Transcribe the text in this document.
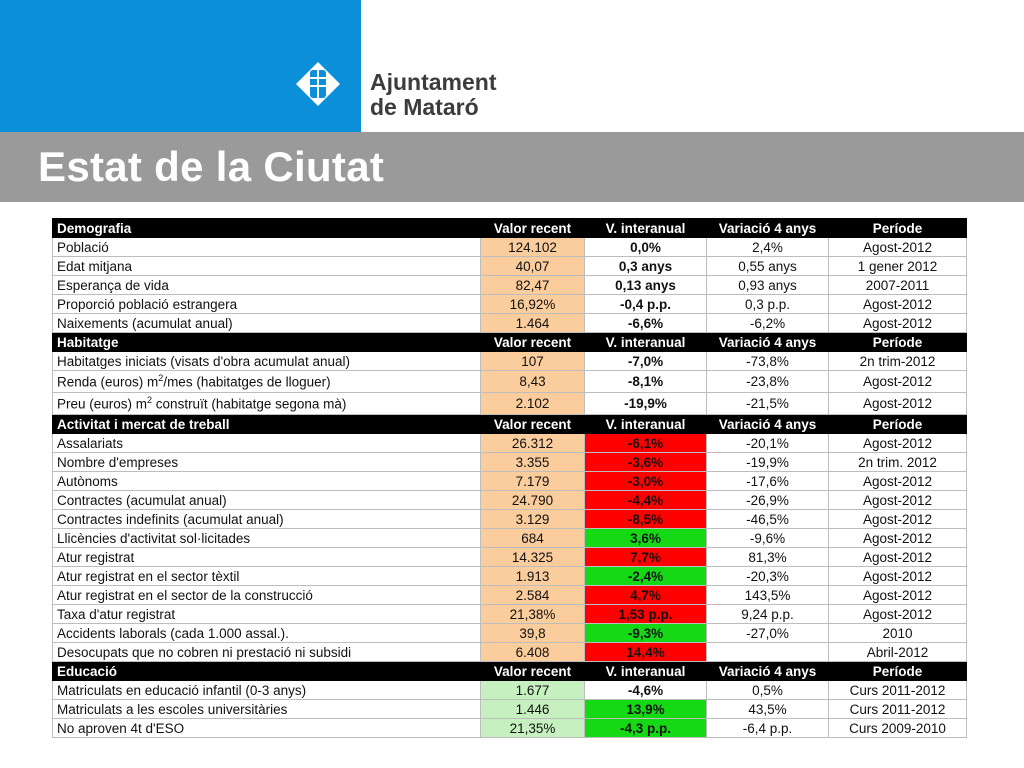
Ajuntament
de Mataró
Estat de la Ciutat
Demografia	Valor recent	V. interanual	Variació 4 anys	Període
Població	124.102	0,0%	2,4%	Agost-2012
Edat mitjana	40,07	0,3 anys	0,55 anys	1 gener 2012
Esperança de vida	82,47	0,13 anys	0,93 anys	2007-2011
Proporció població estrangera	16,92%	-0,4 p.p.	0,3 p.p.	Agost-2012
Naixements (acumulat anual)	1.464	-6,6%	-6,2%	Agost-2012
Habitatge	Valor recent	V. interanual	Variació 4 anys	Període
Habitatges iniciats (visats d'obra acumulat anual)	107	-7,0%	-73,8%	2n trim-2012
Renda (euros) $m^2$/mes (habitatges de lloguer)	8,43	-8,1%	-23,8%	Agost-2012
Preu (euros) $m^2$ construït (habitatge segona mà)	2.102	-19,9%	-21,5%	Agost-2012
Activitat i mercat de treball	Valor recent	V. interanual	Variació 4 anys	Període
Assalariats	26.312	-6,1%	-20,1%	Agost-2012
Nombre d'empreses	3.355	-3,6%	-19,9%	2n trim. 2012
Autònoms	7.179	-3,0%	-17,6%	Agost-2012
Contractes (acumulat anual)	24.790	-4,4%	-26,9%	Agost-2012
Contractes indefinits (acumulat anual)	3.129	-8,5%	-46,5%	Agost-2012
Llicències d'activitat sol·licitades	684	3,6%	-9,6%	Agost-2012
Atur registrat	14.325	7,7%	81,3%	Agost-2012
Atur registrat en el sector tèxtil	1.913	-2,4%	-20,3%	Agost-2012
Atur registrat en el sector de la construcció	2.584	4,7%	143,5%	Agost-2012
Taxa d'atur registrat	21,38%	1,53 p.p.	9,24 p.p.	Agost-2012
Accidents laborals (cada 1.000 assal.).	39,8	-9,3%	-27,0%	2010
Desocupats que no cobren ni prestació ni subsidi	6.408	14,4%		Abril-2012
Educació	Valor recent	V. interanual	Variació 4 anys	Període
Matriculats en educació infantil (0-3 anys)	1.677	-4,6%	0,5%	Curs 2011-2012
Matriculats a les escoles universitàries	1.446	13,9%	43,5%	Curs 2011-2012
No aproven 4t d'ESO	21,35%	-4,3 p.p.	-6,4 p.p.	Curs 2009-2010
